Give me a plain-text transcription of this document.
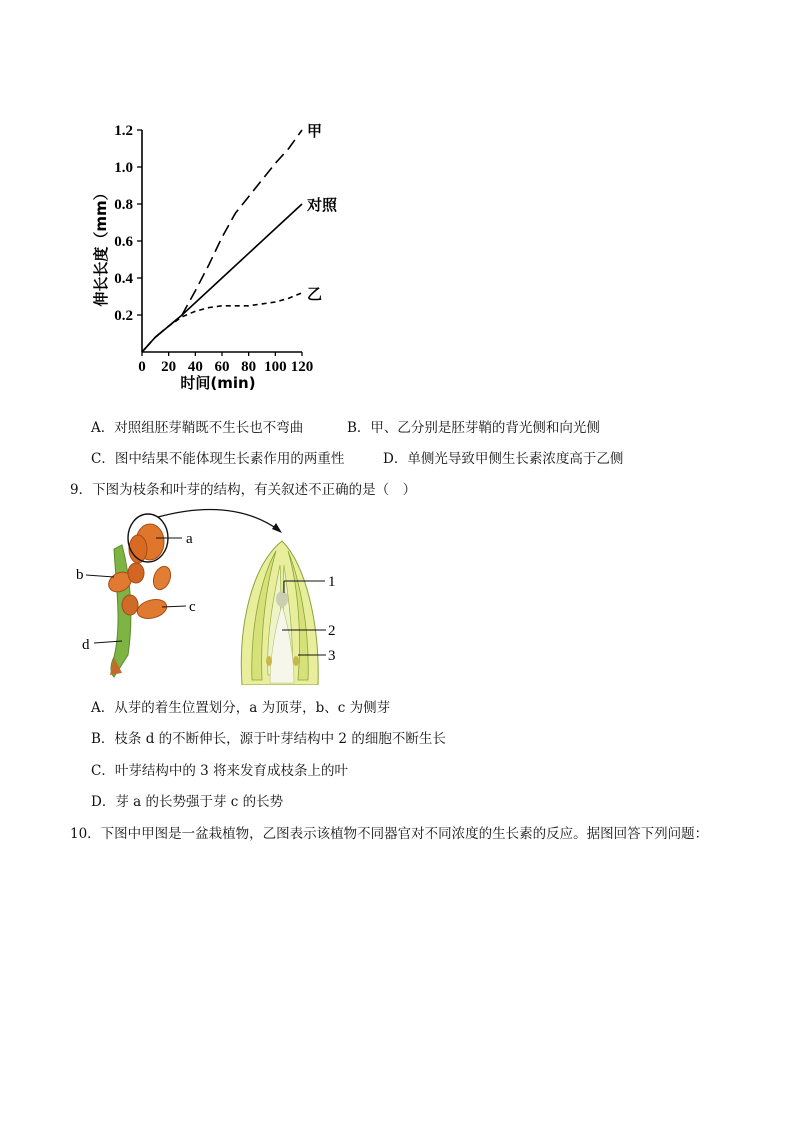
0.2
0.4
0.6
0.8
1.0
1.2
0 20 40 60 80 100 120
甲
对照
乙
伸长长度（mm）
时间(min)
A．对照组胚芽鞘既不生长也不弯曲	B．甲、乙分别是胚芽鞘的背光侧和向光侧
C．图中结果不能体现生长素作用的两重性	D．单侧光导致甲侧生长素浓度高于乙侧
9．下图为枝条和叶芽的结构，有关叙述不正确的是（　）
a
b
c
d
1
2
3
A．从芽的着生位置划分，a 为顶芽，b、c 为侧芽
B．枝条 d 的不断伸长，源于叶芽结构中 2 的细胞不断生长
C．叶芽结构中的 3 将来发育成枝条上的叶
D．芽 a 的长势强于芽 c 的长势
10．下图中甲图是一盆栽植物，乙图表示该植物不同器官对不同浓度的生长素的反应。据图回答下列问题：
